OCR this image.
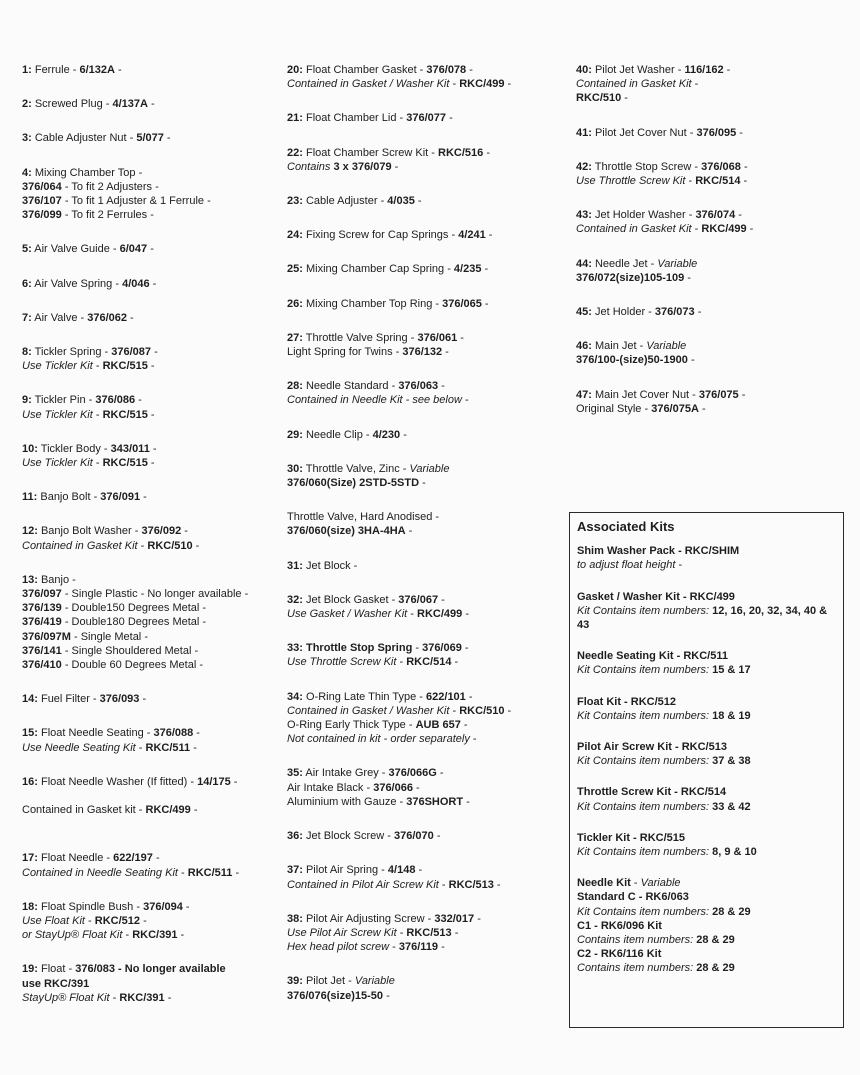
1: Ferrule - 6/132A -
2: Screwed Plug - 4/137A -
3: Cable Adjuster Nut - 5/077 -
4: Mixing Chamber Top -
376/064 - To fit 2 Adjusters -
376/107 - To fit 1 Adjuster & 1 Ferrule -
376/099 - To fit 2 Ferrules -
5: Air Valve Guide - 6/047 -
6: Air Valve Spring - 4/046 -
7: Air Valve - 376/062 -
8: Tickler Spring - 376/087 -
Use Tickler Kit - RKC/515 -
9: Tickler Pin - 376/086 -
Use Tickler Kit - RKC/515 -
10: Tickler Body - 343/011 -
Use Tickler Kit - RKC/515 -
11: Banjo Bolt - 376/091 -
12: Banjo Bolt Washer - 376/092 -
Contained in Gasket Kit - RKC/510 -
13: Banjo -
376/097 - Single Plastic - No longer available -
376/139 - Double150 Degrees Metal -
376/419 - Double180 Degrees Metal -
376/097M - Single Metal -
376/141 - Single Shouldered Metal -
376/410 - Double 60 Degrees Metal -
14: Fuel Filter - 376/093 -
15: Float Needle Seating - 376/088 -
Use Needle Seating Kit - RKC/511 -
16: Float Needle Washer (If fitted) - 14/175 -
Contained in Gasket kit - RKC/499 -
17: Float Needle - 622/197 -
Contained in Needle Seating Kit - RKC/511 -
18: Float Spindle Bush - 376/094 -
Use Float Kit - RKC/512 -
or StayUp® Float Kit - RKC/391 -
19: Float - 376/083 - No longer available
use RKC/391
StayUp® Float Kit - RKC/391 -
20: Float Chamber Gasket - 376/078 -
Contained in Gasket / Washer Kit - RKC/499 -
21: Float Chamber Lid - 376/077 -
22: Float Chamber Screw Kit - RKC/516 -
Contains 3 x 376/079 -
23: Cable Adjuster - 4/035 -
24: Fixing Screw for Cap Springs - 4/241 -
25: Mixing Chamber Cap Spring - 4/235 -
26: Mixing Chamber Top Ring - 376/065 -
27: Throttle Valve Spring - 376/061 -
Light Spring for Twins - 376/132 -
28: Needle Standard - 376/063 -
Contained in Needle Kit - see below -
29: Needle Clip - 4/230 -
30: Throttle Valve, Zinc - Variable
376/060(Size) 2STD-5STD -
Throttle Valve, Hard Anodised -
376/060(size) 3HA-4HA -
31: Jet Block -
32: Jet Block Gasket - 376/067 -
Use Gasket / Washer Kit - RKC/499 -
33: Throttle Stop Spring - 376/069 -
Use Throttle Screw Kit - RKC/514 -
34: O-Ring Late Thin Type - 622/101 -
Contained in Gasket / Washer Kit - RKC/510 -
O-Ring Early Thick Type - AUB 657 -
Not contained in kit - order separately -
35: Air Intake Grey - 376/066G -
Air Intake Black - 376/066 -
Aluminium with Gauze - 376SHORT -
36: Jet Block Screw - 376/070 -
37: Pilot Air Spring - 4/148 -
Contained in Pilot Air Screw Kit - RKC/513 -
38: Pilot Air Adjusting Screw - 332/017 -
Use Pilot Air Screw Kit - RKC/513 -
Hex head pilot screw - 376/119 -
39: Pilot Jet - Variable
376/076(size)15-50 -
40: Pilot Jet Washer - 116/162 -
Contained in Gasket Kit -
RKC/510 -
41: Pilot Jet Cover Nut - 376/095 -
42: Throttle Stop Screw - 376/068 -
Use Throttle Screw Kit - RKC/514 -
43: Jet Holder Washer - 376/074 -
Contained in Gasket Kit - RKC/499 -
44: Needle Jet - Variable
376/072(size)105-109 -
45: Jet Holder - 376/073 -
46: Main Jet - Variable
376/100-(size)50-1900 -
47: Main Jet Cover Nut - 376/075 -
Original Style - 376/075A -
Associated Kits
Shim Washer Pack - RKC/SHIM
to adjust float height -
Gasket / Washer Kit - RKC/499
Kit Contains item numbers: 12, 16, 20, 32, 34, 40 & 43
Needle Seating Kit - RKC/511
Kit Contains item numbers: 15 & 17
Float Kit - RKC/512
Kit Contains item numbers: 18 & 19
Pilot Air Screw Kit - RKC/513
Kit Contains item numbers: 37 & 38
Throttle Screw Kit - RKC/514
Kit Contains item numbers: 33 & 42
Tickler Kit - RKC/515
Kit Contains item numbers: 8, 9 & 10
Needle Kit - Variable
Standard C - RK6/063
Kit Contains item numbers: 28 & 29
C1 - RK6/096 Kit
Contains item numbers: 28 & 29
C2 - RK6/116 Kit
Contains item numbers: 28 & 29
